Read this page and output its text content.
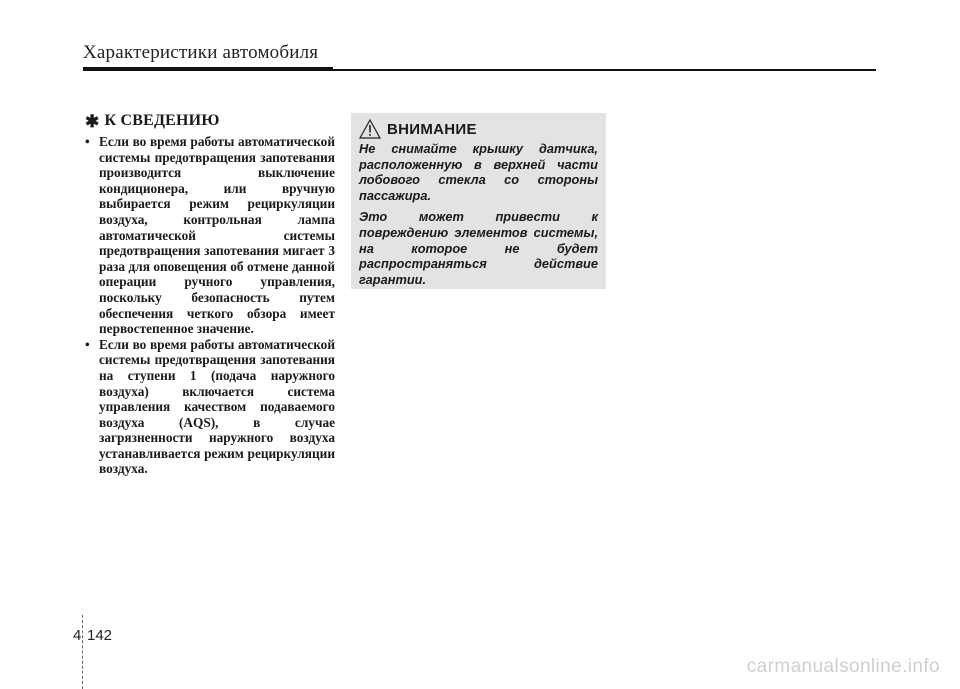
Характеристики автомобиля
✱ К СВЕДЕНИЮ
• Если во время работы автоматической системы предотвращения запотевания производится выключение кондиционера, или вручную выбирается режим рециркуляции воздуха, контрольная лампа автоматической системы предотвращения запотевания мигает 3 раза для оповещения об отмене данной операции ручного управления, поскольку безопасность путем обеспечения четкого обзора имеет первостепенное значение.
• Если во время работы автоматической системы предотвращения запотевания на ступени 1 (подача наружного воздуха) включается система управления качеством подаваемого воздуха (AQS), в случае загрязненности наружного воздуха устанавливается режим рециркуляции воздуха.
ВНИМАНИЕ

Не снимайте крышку датчика, расположенную в верхней части лобового стекла со стороны пассажира.

Это может привести к повреждению элементов системы, на которое не будет распространяться действие гарантии.

4 142
carmanualsonline.info
